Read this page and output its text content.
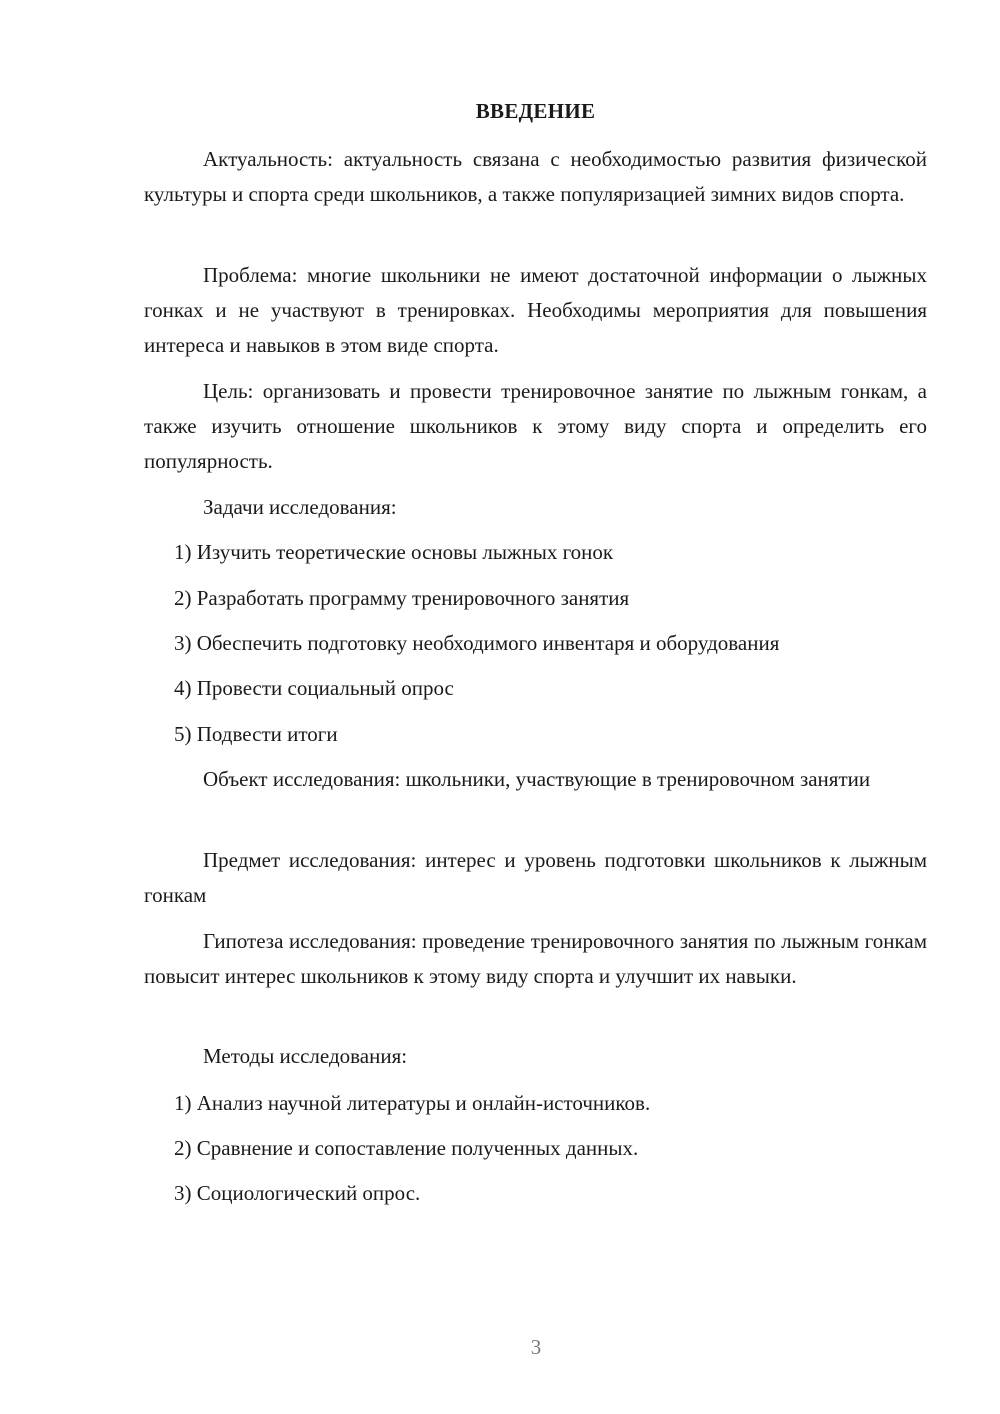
ВВЕДЕНИЕ

Актуальность: актуальность связана с необходимостью развития физической культуры и спорта среди школьников, а также популяризацией зимних видов спорта.

Проблема: многие школьники не имеют достаточной информации о лыжных гонках и не участвуют в тренировках. Необходимы мероприятия для повышения интереса и навыков в этом виде спорта.

Цель: организовать и провести тренировочное занятие по лыжным гонкам, а также изучить отношение школьников к этому виду спорта и определить его популярность.

Задачи исследования:

1) Изучить теоретические основы лыжных гонок

2) Разработать программу тренировочного занятия

3) Обеспечить подготовку необходимого инвентаря и оборудования

4) Провести социальный опрос

5) Подвести итоги

Объект исследования: школьники, участвующие в тренировочном занятии

Предмет исследования: интерес и уровень подготовки школьников к лыжным гонкам

Гипотеза исследования: проведение тренировочного занятия по лыжным гонкам повысит интерес школьников к этому виду спорта и улучшит их навыки.

Методы исследования:

1) Анализ научной литературы и онлайн-источников.

2) Сравнение и сопоставление полученных данных.

3) Социологический опрос.

3
